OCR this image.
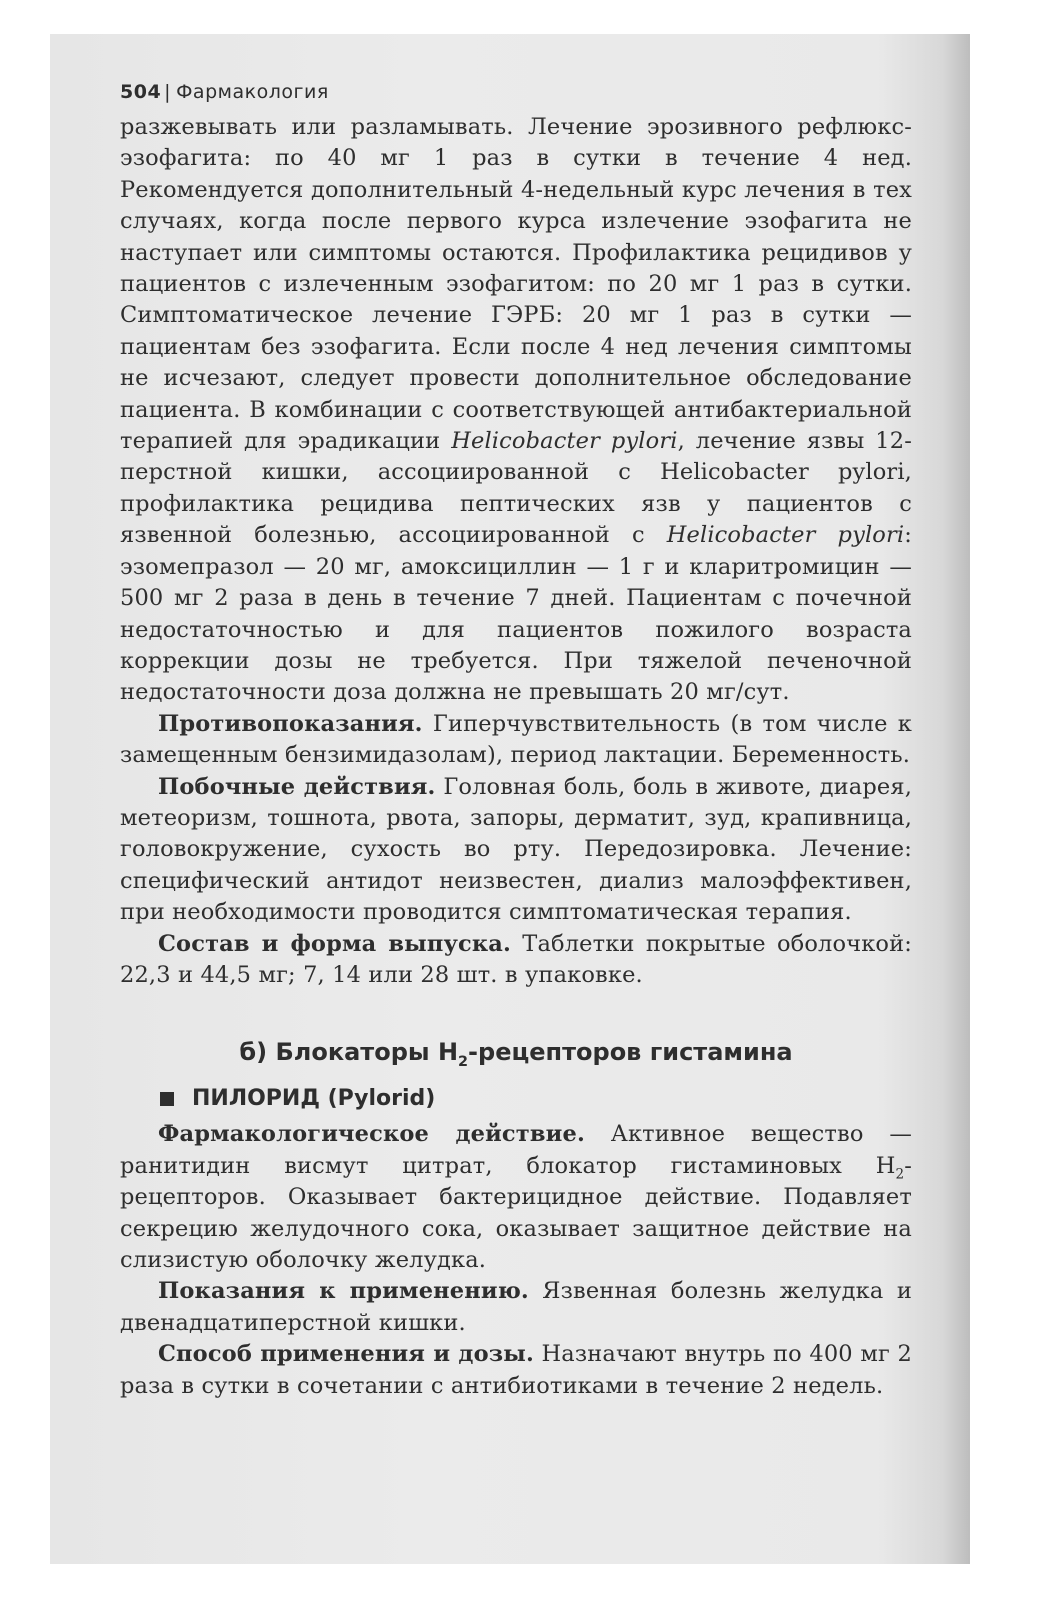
504 | Фармакология

разжевывать или разламывать. Лечение эрозивного рефлюкс-эзофагита: по 40 мг 1 раз в сутки в течение 4 нед. Рекомендуется дополнительный 4-недельный курс лечения в тех случаях, когда после первого курса излечение эзофагита не наступает или симптомы остаются. Профилактика рецидивов у пациентов с излеченным эзофагитом: по 20 мг 1 раз в сутки. Симптоматическое лечение ГЭРБ: 20 мг 1 раз в сутки — пациентам без эзофагита. Если после 4 нед лечения симптомы не исчезают, следует провести дополнительное обследование пациента. В комбинации с соответствующей антибактериальной терапией для эрадикации Helicobacter pylori, лечение язвы 12-перстной кишки, ассоциированной с Helicobacter pylori, профилактика рецидива пептических язв у пациентов с язвенной болезнью, ассоциированной с Helicobacter pylori: эзомепразол — 20 мг, амоксициллин — 1 г и кларитромицин — 500 мг 2 раза в день в течение 7 дней. Пациентам с почечной недостаточностью и для пациентов пожилого возраста коррекции дозы не требуется. При тяжелой печеночной недостаточности доза должна не превышать 20 мг/сут.

Противопоказания. Гиперчувствительность (в том числе к замещенным бензимидазолам), период лактации. Беременность.

Побочные действия. Головная боль, боль в животе, диарея, метеоризм, тошнота, рвота, запоры, дерматит, зуд, крапивница, головокружение, сухость во рту. Передозировка. Лечение: специфический антидот неизвестен, диализ малоэффективен, при необходимости проводится симптоматическая терапия.

Состав и форма выпуска. Таблетки покрытые оболочкой: 22,3 и 44,5 мг; 7, 14 или 28 шт. в упаковке.

б) Блокаторы $H_2$-рецепторов гистамина
ПИЛОРИД (Pylorid)

Фармакологическое действие. Активное вещество — ранитидин висмут цитрат, блокатор гистаминовых $H_2$-рецепторов. Оказывает бактерицидное действие. Подавляет секрецию желудочного сока, оказывает защитное действие на слизистую оболочку желудка.

Показания к применению. Язвенная болезнь желудка и двенадцатиперстной кишки.

Способ применения и дозы. Назначают внутрь по 400 мг 2 раза в сутки в сочетании с антибиотиками в течение 2 недель.
